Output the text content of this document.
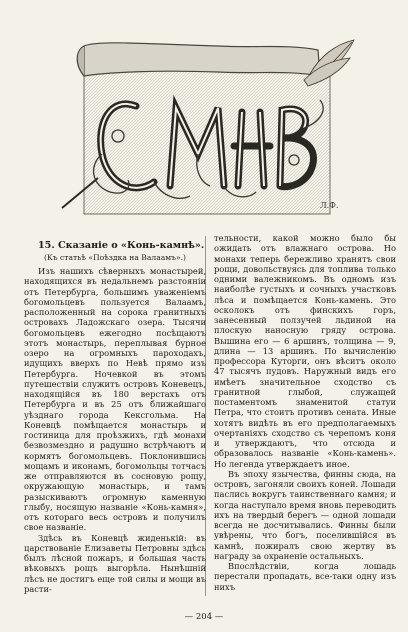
Л.Ф.
15. Сказаніе о «Конь-камнѣ».
(Къ статьѣ «Поѣздка на Валаамъ».)

Изъ нашихъ сѣверныхъ монастырей, находящихся въ недальнемъ разстояніи отъ Петербурга, большимъ уваженіемъ богомольцевъ пользуется Валаамъ, расположенный на сорока гранитныхъ островахъ Ладожскаго озера. Тысячи богомольцевъ ежегодно посѣщаютъ этотъ монастырь, переплывая бурное озеро на огромныхъ пароходахъ, идущихъ вверхъ по Невѣ прямо изъ Петербурга. Ночевкой въ этомъ путешествіи служитъ островъ Коневецъ, находящійся въ 180 верстахъ отъ Петербурга и въ 25 отъ ближайшаго уѣзднаго города Кексгольма. На Коневцѣ помѣщается монастырь и гостиница для проѣзжихъ, гдѣ монахи безвозмездно и радушно встрѣчаютъ и кормятъ богомольцевъ. Поклонившись мощамъ и иконамъ, богомольцы тотчасъ же отправляются въ сосновую рощу, окружающую монастырь, и тамъ разыскиваютъ огромную каменную глыбу, носящую названіе «Конь-камня», отъ котораго весь островъ и получилъ свое названіе.

Здѣсь въ Коневцѣ жиденькій: въ царствованіе Елизаветы Петровны здѣсь былъ лѣсной пожаръ, и большая часть вѣковыхъ рощъ выгорѣла. Нынѣшній лѣсъ не достигъ еще той силы и мощи въ расти-

тельности, какой можно было бы ожидать отъ влажнаго острова. Но монахи теперь бережливо хранятъ свои рощи, довольствуясь для топлива только одними валежникомъ. Въ одномъ изъ наиболѣе густыхъ и сочныхъ участковъ лѣса и помѣщается Конь-камень. Это осколокъ отъ финскихъ горъ, занесенный ползучей льдиной на плоскую наносную гряду острова. Вышина его — 6 аршинъ, толщина — 9, длина — 13 аршинъ. По вычисленію профессора Куторги, онъ вѣситъ около 47 тысячъ пудовъ. Наружный видъ его имѣетъ значительное сходство съ гранитной глыбой, служащей постаментомъ знаменитой статуи Петра, что стоитъ противъ сената. Иные хотятъ видѣть въ его предполагаемыхъ очертаніяхъ сходство съ черепомъ коня и утверждаютъ, что отсюда и образовалось названіе «Конь-камень». Но легенда утверждаетъ иное.

Въ эпоху язычества, финны сюда, на островъ, загоняли своихъ коней. Лошади паслись вокругъ таинственнаго камня; и когда наступало время вновь переводить ихъ на твердый берегъ — одной лошади всегда не досчитывались. Финны были увѣрены, что богъ, поселившійся въ камнѣ, пожиралъ свою жертву въ награду за охраненіе остальныхъ.

Впослѣдствіи, когда лошадь перестали пропадать, все-таки одну изъ нихъ

— 204 —
